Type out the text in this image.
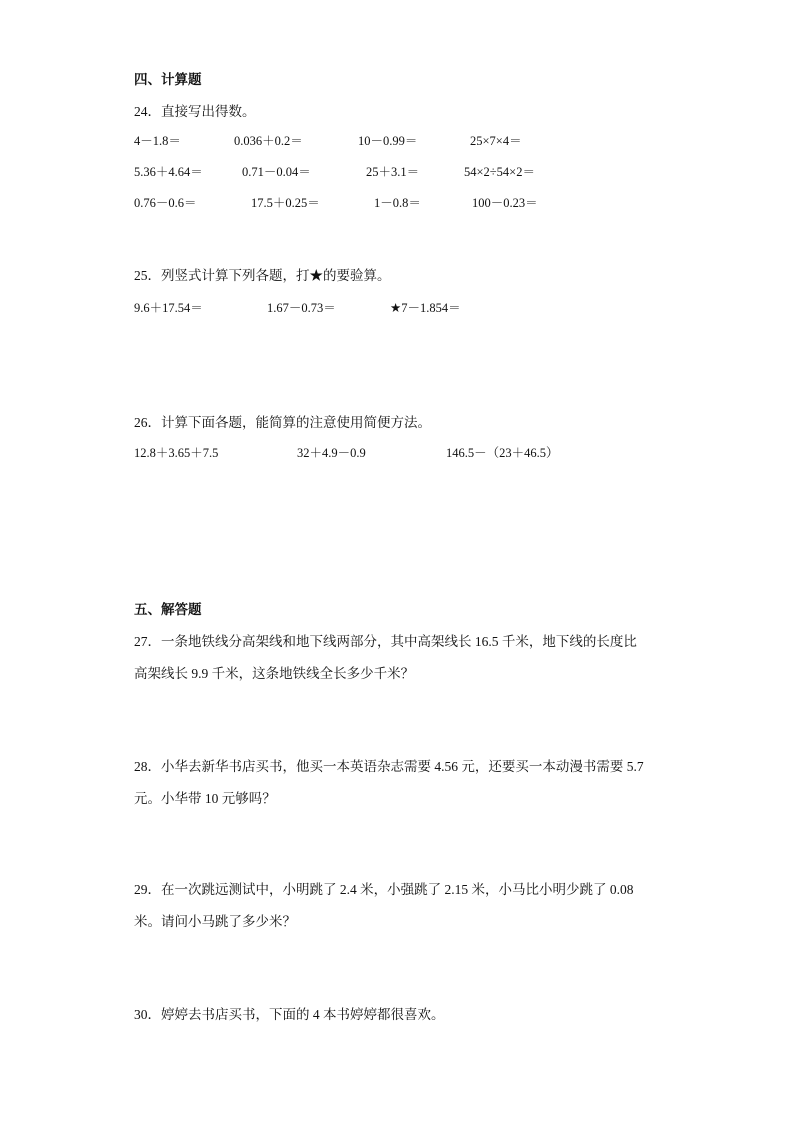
四、计算题
24．直接写出得数。
4－1.8＝	0.036＋0.2＝	10－0.99＝	25×7×4＝
5.36＋4.64＝	0.71－0.04＝	25＋3.1＝	54×2÷54×2＝
0.76－0.6＝	17.5＋0.25＝	1－0.8＝	100－0.23＝
25．列竖式计算下列各题，打★的要验算。
9.6＋17.54＝	1.67－0.73＝	★7－1.854＝
26．计算下面各题，能简算的注意使用简便方法。
12.8＋3.65＋7.5	32＋4.9－0.9	146.5－（23＋46.5）
五、解答题
27．一条地铁线分高架线和地下线两部分，其中高架线长 16.5 千米，地下线的长度比
高架线长 9.9 千米，这条地铁线全长多少千米？
28．小华去新华书店买书，他买一本英语杂志需要 4.56 元，还要买一本动漫书需要 5.7
元。小华带 10 元够吗？
29．在一次跳远测试中，小明跳了 2.4 米，小强跳了 2.15 米，小马比小明少跳了 0.08
米。请问小马跳了多少米？
30．婷婷去书店买书，下面的 4 本书婷婷都很喜欢。
